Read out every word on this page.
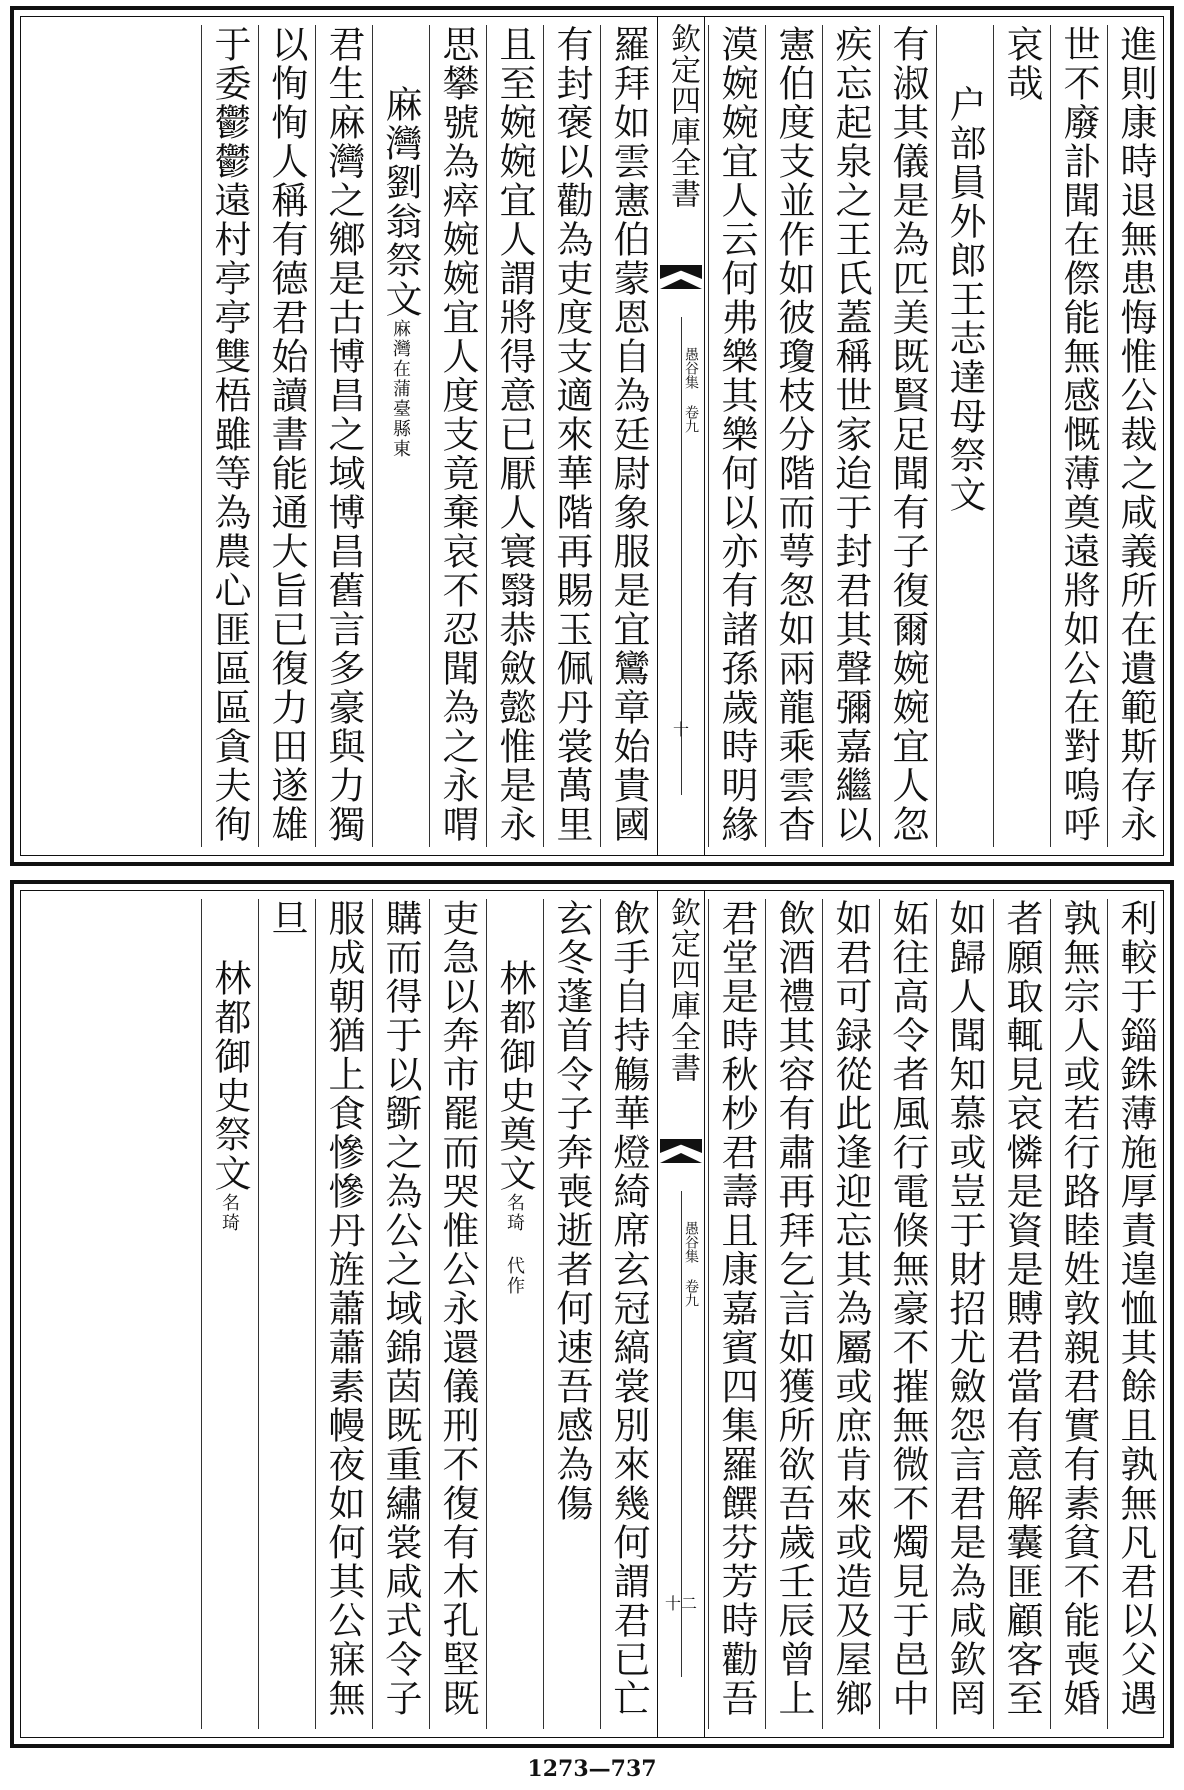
進則康時退無患悔惟公裁之咸義所在遺範斯存永
世不廢訃聞在傺能無感慨薄奠遠將如公在對嗚呼
哀哉
户部員外郎王志達母祭文
有淑其儀是為匹美既賢足聞有子復爾婉婉宜人忽
疾忘起泉之王氏蓋稱世家迨于封君其聲彌嘉繼以
憲伯度支並作如彼瓊枝分階而萼怱如兩龍乘雲杳
漠婉婉宜人云何弗樂其樂何以亦有諸孫歲時明緣
欽定四庫全書
愚谷集 卷九
十
羅拜如雲憲伯蒙恩自為廷尉象服是宜鸞章始貴國
有封褒以勸為吏度支適來華階再賜玉佩丹裳萬里
且至婉婉宜人謂將得意已厭人寰翳恭斂懿惟是永
思攀號為瘁婉婉宜人度支竟棄哀不忍聞為之永喟
麻灣劉翁祭文麻灣在蒲臺縣東
君生麻灣之鄉是古博昌之域博昌舊言多豪與力獨
以恂恂人稱有德君始讀書能通大旨已復力田遂雄
于委鬱鬱遠村亭亭雙梧雖等為農心匪區區貪夫徇
利較于錙銖薄施厚責遑恤其餘且孰無凡君以父遇
孰無宗人或若行路睦姓敦親君實有素貧不能喪婚
者願取輒見哀憐是資是賻君當有意解囊匪顧客至
如歸人聞知慕或豈于財招尤斂怨言君是為咸欽罔
妬往高令者風行電倏無豪不摧無微不燭見于邑中
如君可録從此逢迎忘其為屬或庶肯來或造及屋鄉
飲酒禮其容有肅再拜乞言如獲所欲吾歲壬辰曾上
君堂是時秋杪君壽且康嘉賓四集羅饌芬芳時勸吾
欽定四庫全書
愚谷集 卷九
十二
飲手自持觴華燈綺席玄冠縞裳別來幾何謂君已亡
玄冬蓬首令子奔喪逝者何速吾感為傷
林都御史奠文名琦 代作
吏急以奔市罷而哭惟公永還儀刑不復有木孔堅既
購而得于以斵之為公之域錦茵既重繡裳咸式令子
服成朝猶上食慘慘丹旌蕭蕭素幔夜如何其公寐無
旦
林都御史祭文名琦
1273—737
